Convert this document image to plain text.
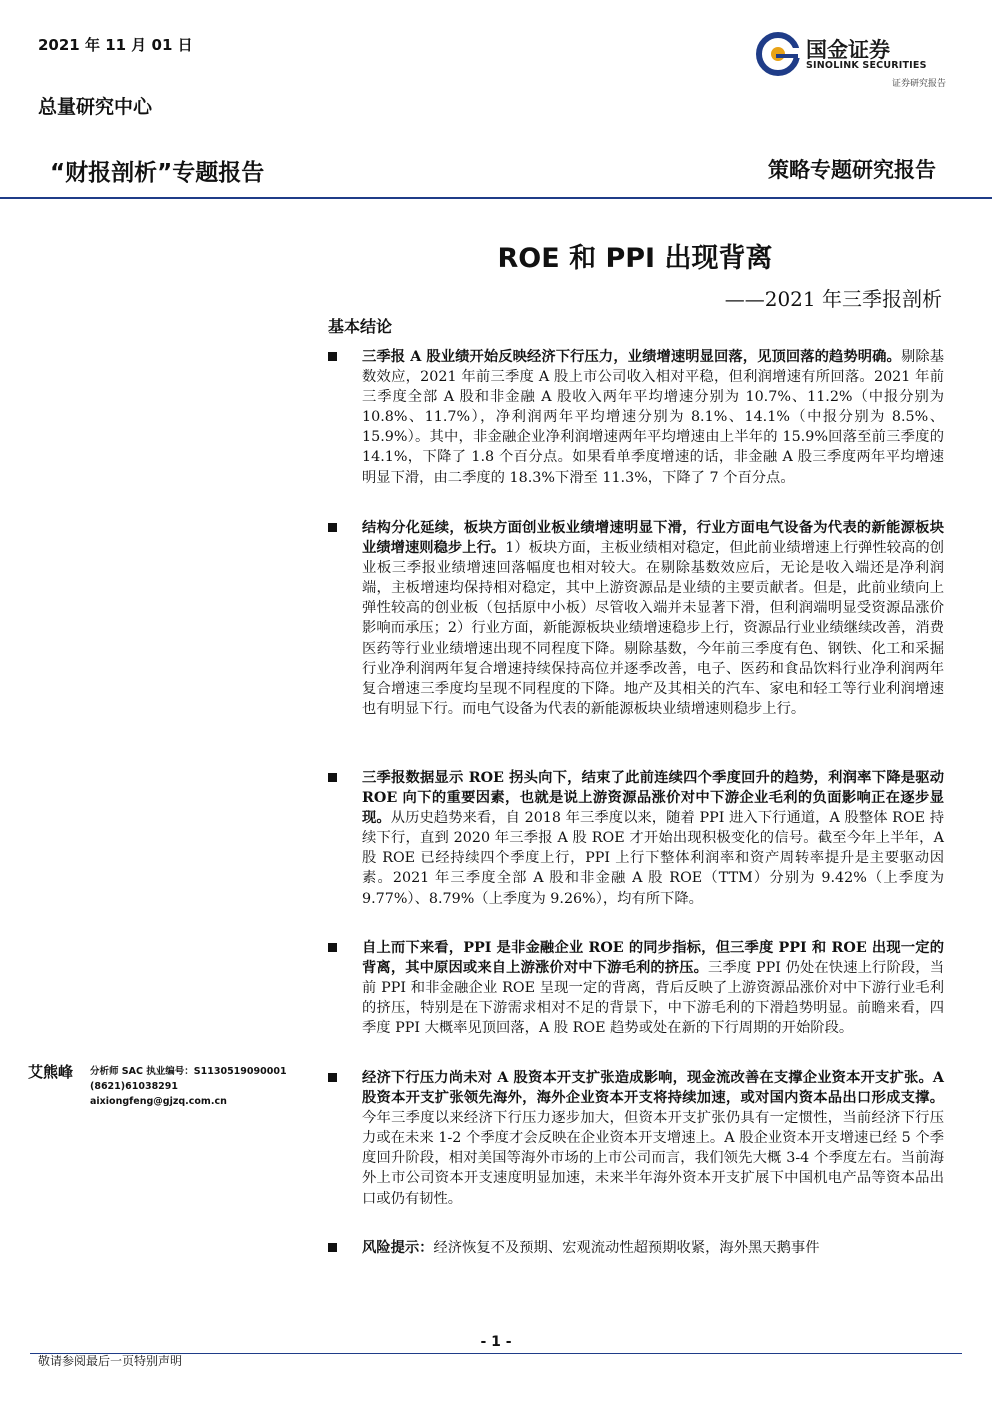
2021 年 11 月 01 日
总量研究中心
“财报剖析”专题报告	策略专题研究报告
国金证券
SINOLINK SECURITIES
证券研究报告
ROE 和 PPI 出现背离
——2021 年三季报剖析
基本结论
三季报 A 股业绩开始反映经济下行压力，业绩增速明显回落，见顶回落的趋势明确。剔除基数效应，2021 年前三季度 A 股上市公司收入相对平稳，但利润增速有所回落。2021 年前三季度全部 A 股和非金融 A 股收入两年平均增速分别为 10.7%、11.2%（中报分别为 10.8%、11.7%），净利润两年平均增速分别为 8.1%、14.1%（中报分别为 8.5%、15.9%）。其中，非金融企业净利润增速两年平均增速由上半年的 15.9%回落至前三季度的 14.1%，下降了 1.8 个百分点。如果看单季度增速的话，非金融 A 股三季度两年平均增速明显下滑，由二季度的 18.3%下滑至 11.3%，下降了 7 个百分点。
结构分化延续，板块方面创业板业绩增速明显下滑，行业方面电气设备为代表的新能源板块业绩增速则稳步上行。1）板块方面，主板业绩相对稳定，但此前业绩增速上行弹性较高的创业板三季报业绩增速回落幅度也相对较大。在剔除基数效应后，无论是收入端还是净利润端，主板增速均保持相对稳定，其中上游资源品是业绩的主要贡献者。但是，此前业绩向上弹性较高的创业板（包括原中小板）尽管收入端并未显著下滑，但利润端明显受资源品涨价影响而承压；2）行业方面，新能源板块业绩增速稳步上行，资源品行业业绩继续改善，消费医药等行业业绩增速出现不同程度下降。剔除基数，今年前三季度有色、钢铁、化工和采掘行业净利润两年复合增速持续保持高位并逐季改善，电子、医药和食品饮料行业净利润两年复合增速三季度均呈现不同程度的下降。地产及其相关的汽车、家电和轻工等行业利润增速也有明显下行。而电气设备为代表的新能源板块业绩增速则稳步上行。
三季报数据显示 ROE 拐头向下，结束了此前连续四个季度回升的趋势，利润率下降是驱动 ROE 向下的重要因素，也就是说上游资源品涨价对中下游企业毛利的负面影响正在逐步显现。从历史趋势来看，自 2018 年三季度以来，随着 PPI 进入下行通道，A 股整体 ROE 持续下行，直到 2020 年三季报 A 股 ROE 才开始出现积极变化的信号。截至今年上半年，A 股 ROE 已经持续四个季度上行，PPI 上行下整体利润率和资产周转率提升是主要驱动因素。2021 年三季度全部 A 股和非金融 A 股 ROE（TTM）分别为 9.42%（上季度为 9.77%）、8.79%（上季度为 9.26%），均有所下降。
自上而下来看，PPI 是非金融企业 ROE 的同步指标，但三季度 PPI 和 ROE 出现一定的背离，其中原因或来自上游涨价对中下游毛利的挤压。三季度 PPI 仍处在快速上行阶段，当前 PPI 和非金融企业 ROE 呈现一定的背离，背后反映了上游资源品涨价对中下游行业毛利的挤压，特别是在下游需求相对不足的背景下，中下游毛利的下滑趋势明显。前瞻来看，四季度 PPI 大概率见顶回落，A 股 ROE 趋势或处在新的下行周期的开始阶段。
经济下行压力尚未对 A 股资本开支扩张造成影响，现金流改善在支撑企业资本开支扩张。A 股资本开支扩张领先海外，海外企业资本开支将持续加速，或对国内资本品出口形成支撑。今年三季度以来经济下行压力逐步加大，但资本开支扩张仍具有一定惯性，当前经济下行压力或在未来 1-2 个季度才会反映在企业资本开支增速上。A 股企业资本开支增速已经 5 个季度回升阶段，相对美国等海外市场的上市公司而言，我们领先大概 3-4 个季度左右。当前海外上市公司资本开支速度明显加速，未来半年海外资本开支扩展下中国机电产品等资本品出口或仍有韧性。
风险提示：经济恢复不及预期、宏观流动性超预期收紧，海外黑天鹅事件
艾熊峰 分析师 SAC 执业编号：S1130519090001
(8621)61038291
aixiongfeng@gjzq.com.cn
- 1 -
敬请参阅最后一页特别声明
